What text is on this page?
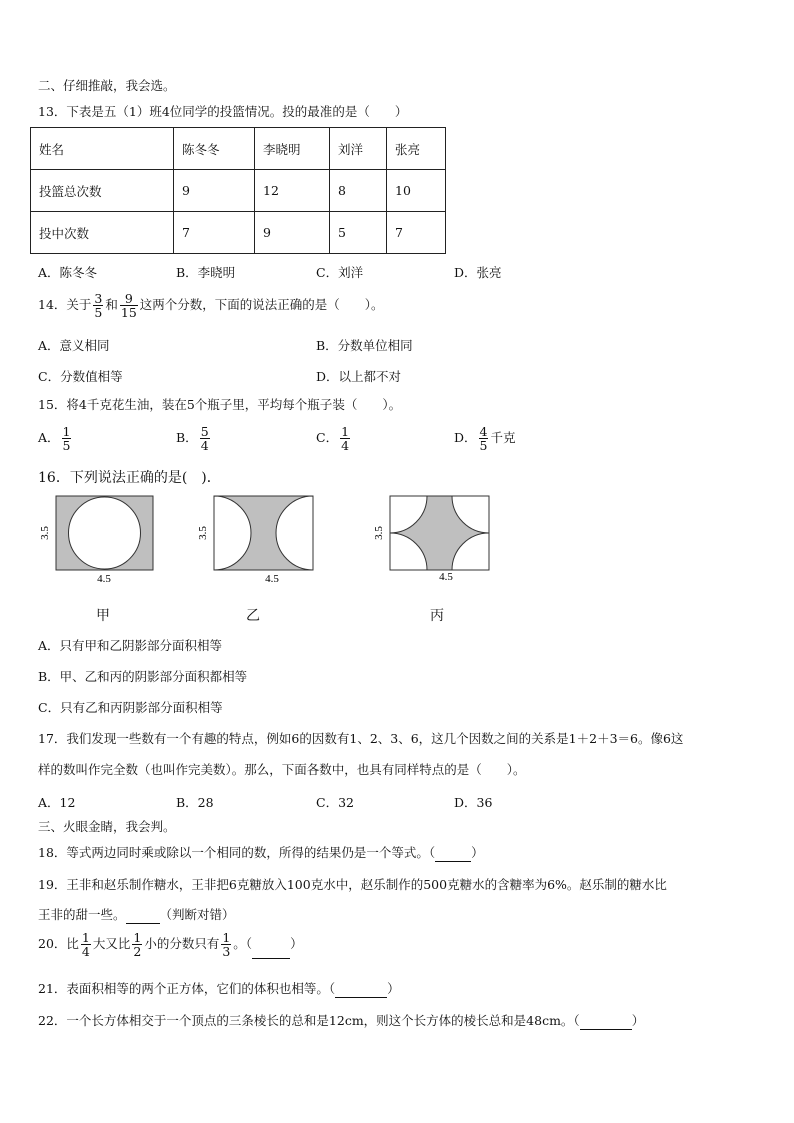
二、仔细推敲，我会选。
13．下表是五（1）班4位同学的投篮情况。投的最准的是（　　）
姓名	陈冬冬	李晓明	刘洋	张亮
投篮总次数	9	12	8	10
投中次数	7	9	5	7
A．陈冬冬	B．李晓明	C．刘洋	D．张亮
14．关于 $\frac{3}{5}$ 和 $\frac{9}{15}$ 这两个分数，下面的说法正确的是（　　）。
A．意义相同	B．分数单位相同
C．分数值相等	D．以上都不对
15．将4千克花生油，装在5个瓶子里，平均每个瓶子装（　　）。
A． $\frac{1}{5}$	B． $\frac{5}{4}$	C． $\frac{1}{4}$	D． $\frac{4}{5}$ 千克
16．下列说法正确的是(　)．
3.5
4.5
甲
3.5
4.5
乙
3.5
4.5
丙
A．只有甲和乙阴影部分面积相等
B．甲、乙和丙的阴影部分面积都相等
C．只有乙和丙阴影部分面积相等
17．我们发现一些数有一个有趣的特点，例如6的因数有1、2、3、6，这几个因数之间的关系是1＋2＋3＝6。像6这
样的数叫作完全数（也叫作完美数）。那么，下面各数中，也具有同样特点的是（　　）。
A．12	B．28	C．32	D．36
三、火眼金睛，我会判。
18．等式两边同时乘或除以一个相同的数，所得的结果仍是一个等式。（	）
19．王非和赵乐制作糖水，王非把6克糖放入100克水中，赵乐制作的500克糖水的含糖率为6%。赵乐制的糖水比
王非的甜一些。	（判断对错）
20．比 $\frac{1}{4}$ 大又比 $\frac{1}{2}$ 小的分数只有 $\frac{1}{3}$ 。（	）
21．表面积相等的两个正方体，它们的体积也相等。（	）
22．一个长方体相交于一个顶点的三条棱长的总和是12cm，则这个长方体的棱长总和是48cm。（	）
